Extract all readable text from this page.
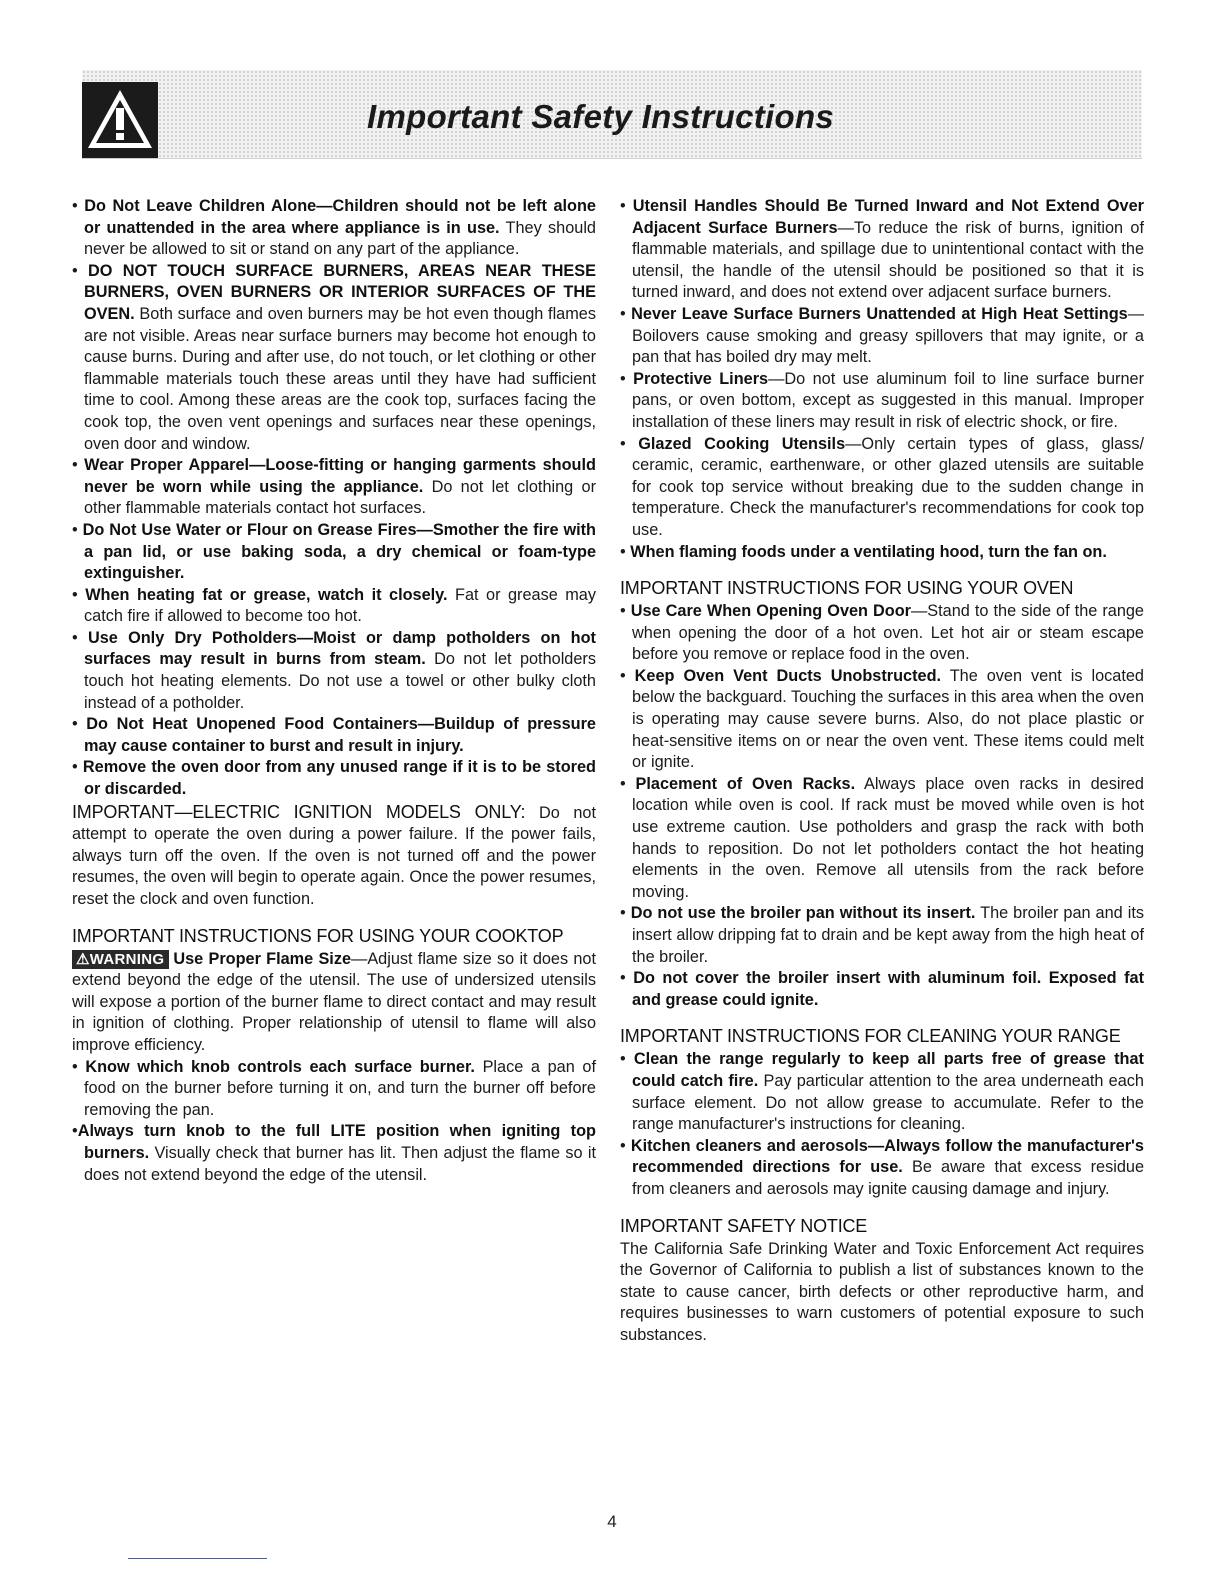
Important Safety Instructions

• Do Not Leave Children Alone—Children should not be left alone or unattended in the area where appliance is in use. They should never be allowed to sit or stand on any part of the appliance.

• DO NOT TOUCH SURFACE BURNERS, AREAS NEAR THESE BURNERS, OVEN BURNERS OR INTERIOR SURFACES OF THE OVEN. Both surface and oven burners may be hot even though flames are not visible. Areas near surface burners may become hot enough to cause burns. During and after use, do not touch, or let clothing or other flammable materials touch these areas until they have had sufficient time to cool. Among these areas are the cook top, surfaces facing the cook top, the oven vent openings and surfaces near these openings, oven door and window.

• Wear Proper Apparel—Loose-fitting or hanging garments should never be worn while using the appliance. Do not let clothing or other flammable materials contact hot surfaces.

• Do Not Use Water or Flour on Grease Fires—Smother the fire with a pan lid, or use baking soda, a dry chemical or foam-type extinguisher.

• When heating fat or grease, watch it closely. Fat or grease may catch fire if allowed to become too hot.

• Use Only Dry Potholders—Moist or damp potholders on hot surfaces may result in burns from steam. Do not let potholders touch hot heating elements. Do not use a towel or other bulky cloth instead of a potholder.

• Do Not Heat Unopened Food Containers—Buildup of pressure may cause container to burst and result in injury.

• Remove the oven door from any unused range if it is to be stored or discarded.

IMPORTANT—ELECTRIC IGNITION MODELS ONLY: Do not attempt to operate the oven during a power failure. If the power fails, always turn off the oven. If the oven is not turned off and the power resumes, the oven will begin to operate again. Once the power resumes, reset the clock and oven function.

IMPORTANT INSTRUCTIONS FOR USING YOUR COOKTOP

⚠WARNING Use Proper Flame Size—Adjust flame size so it does not extend beyond the edge of the utensil. The use of undersized utensils will expose a portion of the burner flame to direct contact and may result in ignition of clothing. Proper relationship of utensil to flame will also improve efficiency.

• Know which knob controls each surface burner. Place a pan of food on the burner before turning it on, and turn the burner off before removing the pan.

•Always turn knob to the full LITE position when igniting top burners. Visually check that burner has lit. Then adjust the flame so it does not extend beyond the edge of the utensil.

• Utensil Handles Should Be Turned Inward and Not Extend Over Adjacent Surface Burners—To reduce the risk of burns, ignition of flammable materials, and spillage due to unintentional contact with the utensil, the handle of the utensil should be positioned so that it is turned inward, and does not extend over adjacent surface burners.

• Never Leave Surface Burners Unattended at High Heat Settings—Boilovers cause smoking and greasy spillovers that may ignite, or a pan that has boiled dry may melt.

• Protective Liners—Do not use aluminum foil to line surface burner pans, or oven bottom, except as suggested in this manual. Improper installation of these liners may result in risk of electric shock, or fire.

• Glazed Cooking Utensils—Only certain types of glass, glass/ ceramic, ceramic, earthenware, or other glazed utensils are suitable for cook top service without breaking due to the sudden change in temperature. Check the manufacturer's recommendations for cook top use.

• When flaming foods under a ventilating hood, turn the fan on.

IMPORTANT INSTRUCTIONS FOR USING YOUR OVEN

• Use Care When Opening Oven Door—Stand to the side of the range when opening the door of a hot oven. Let hot air or steam escape before you remove or replace food in the oven.

• Keep Oven Vent Ducts Unobstructed. The oven vent is located below the backguard. Touching the surfaces in this area when the oven is operating may cause severe burns. Also, do not place plastic or heat-sensitive items on or near the oven vent. These items could melt or ignite.

• Placement of Oven Racks. Always place oven racks in desired location while oven is cool. If rack must be moved while oven is hot use extreme caution. Use potholders and grasp the rack with both hands to reposition. Do not let potholders contact the hot heating elements in the oven. Remove all utensils from the rack before moving.

• Do not use the broiler pan without its insert. The broiler pan and its insert allow dripping fat to drain and be kept away from the high heat of the broiler.

• Do not cover the broiler insert with aluminum foil. Exposed fat and grease could ignite.

IMPORTANT INSTRUCTIONS FOR CLEANING YOUR RANGE

• Clean the range regularly to keep all parts free of grease that could catch fire. Pay particular attention to the area underneath each surface element. Do not allow grease to accumulate. Refer to the range manufacturer's instructions for cleaning.

• Kitchen cleaners and aerosols—Always follow the manufacturer's recommended directions for use. Be aware that excess residue from cleaners and aerosols may ignite causing damage and injury.

IMPORTANT SAFETY NOTICE

The California Safe Drinking Water and Toxic Enforcement Act requires the Governor of California to publish a list of substances known to the state to cause cancer, birth defects or other reproductive harm, and requires businesses to warn customers of potential exposure to such substances.

4
